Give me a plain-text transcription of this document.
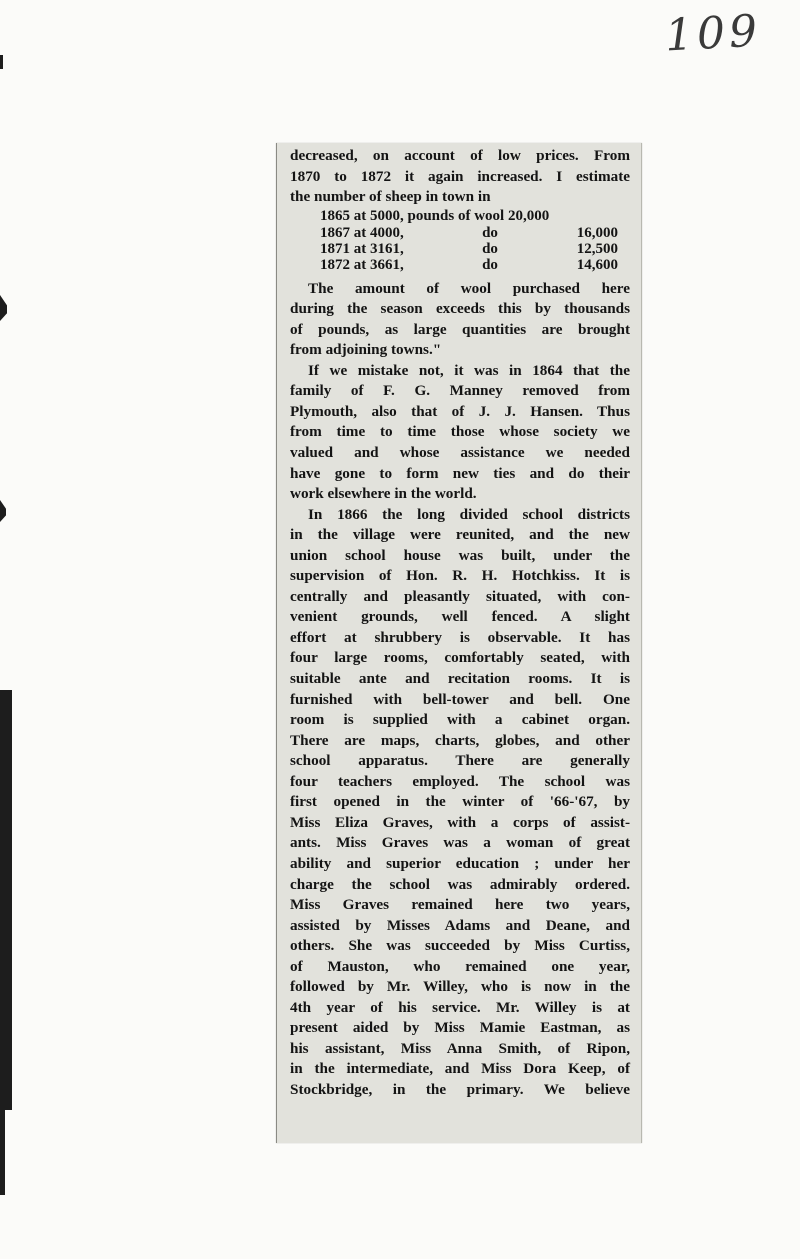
109
decreased, on account of low prices. From
1870 to 1872 it again increased. I estimate
the number of sheep in town in
1865 at 5000, pounds of wool 20,000
1867 at 4000,	do	16,000
1871 at 3161,	do	12,500
1872 at 3661,	do	14,600
The amount of wool purchased here
during the season exceeds this by thousands
of pounds, as large quantities are brought
from adjoining towns."
If we mistake not, it was in 1864 that the
family of F. G. Manney removed from
Plymouth, also that of J. J. Hansen. Thus
from time to time those whose society we
valued and whose assistance we needed
have gone to form new ties and do their
work elsewhere in the world.
In 1866 the long divided school districts
in the village were reunited, and the new
union school house was built, under the
supervision of Hon. R. H. Hotchkiss. It is
centrally and pleasantly situated, with con-
venient grounds, well fenced. A slight
effort at shrubbery is observable. It has
four large rooms, comfortably seated, with
suitable ante and recitation rooms. It is
furnished with bell-tower and bell. One
room is supplied with a cabinet organ.
There are maps, charts, globes, and other
school apparatus. There are generally
four teachers employed. The school was
first opened in the winter of '66-'67, by
Miss Eliza Graves, with a corps of assist-
ants. Miss Graves was a woman of great
ability and superior education ; under her
charge the school was admirably ordered.
Miss Graves remained here two years,
assisted by Misses Adams and Deane, and
others. She was succeeded by Miss Curtiss,
of Mauston, who remained one year,
followed by Mr. Willey, who is now in the
4th year of his service. Mr. Willey is at
present aided by Miss Mamie Eastman, as
his assistant, Miss Anna Smith, of Ripon,
in the intermediate, and Miss Dora Keep, of
Stockbridge, in the primary. We believe
